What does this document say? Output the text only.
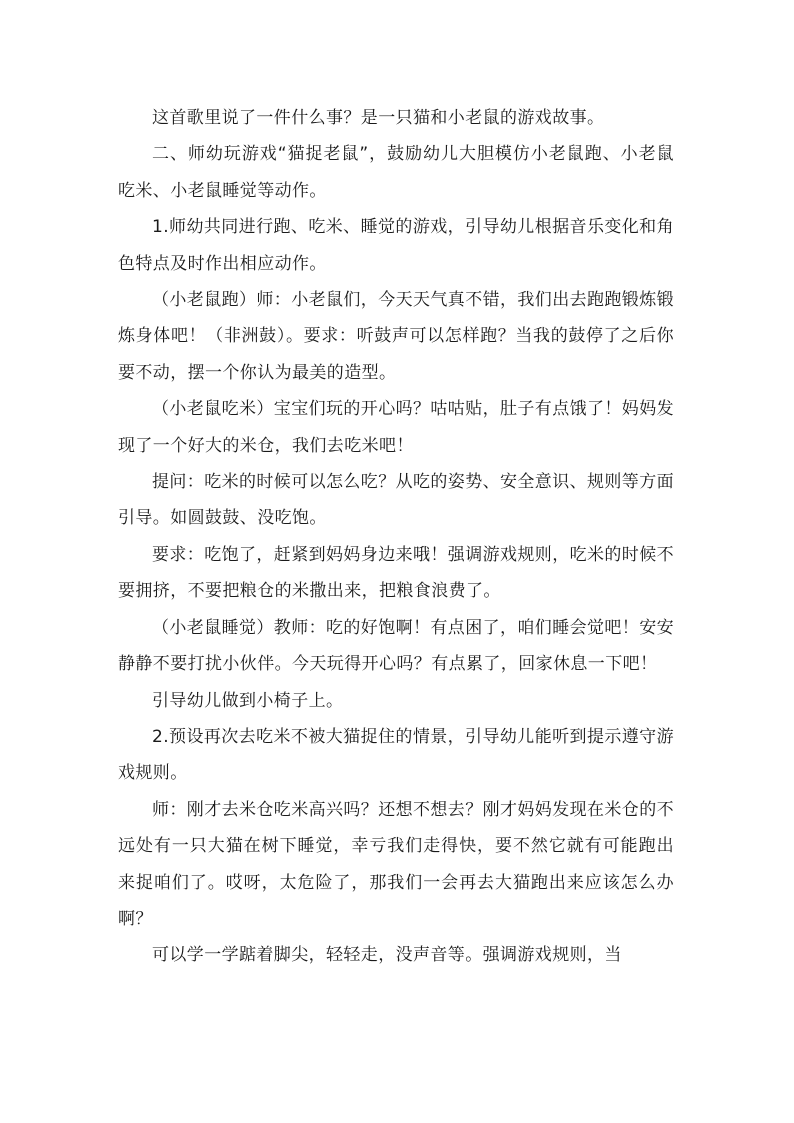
这首歌里说了一件什么事？是一只猫和小老鼠的游戏故事。

二、师幼玩游戏“猫捉老鼠”，鼓励幼儿大胆模仿小老鼠跑、小老鼠吃米、小老鼠睡觉等动作。

1.师幼共同进行跑、吃米、睡觉的游戏，引导幼儿根据音乐变化和角色特点及时作出相应动作。

（小老鼠跑）师：小老鼠们，今天天气真不错，我们出去跑跑锻炼锻炼身体吧！（非洲鼓）。要求：听鼓声可以怎样跑？当我的鼓停了之后你要不动，摆一个你认为最美的造型。

（小老鼠吃米）宝宝们玩的开心吗？咕咕贴，肚子有点饿了！妈妈发现了一个好大的米仓，我们去吃米吧！

提问：吃米的时候可以怎么吃？从吃的姿势、安全意识、规则等方面引导。如圆鼓鼓、没吃饱。

要求：吃饱了，赶紧到妈妈身边来哦！强调游戏规则，吃米的时候不要拥挤，不要把粮仓的米撒出来，把粮食浪费了。

（小老鼠睡觉）教师：吃的好饱啊！有点困了，咱们睡会觉吧！安安静静不要打扰小伙伴。今天玩得开心吗？有点累了，回家休息一下吧！

引导幼儿做到小椅子上。

2.预设再次去吃米不被大猫捉住的情景，引导幼儿能听到提示遵守游戏规则。

师：刚才去米仓吃米高兴吗？还想不想去？刚才妈妈发现在米仓的不远处有一只大猫在树下睡觉，幸亏我们走得快，要不然它就有可能跑出来捉咱们了。哎呀，太危险了，那我们一会再去大猫跑出来应该怎么办啊？

可以学一学踮着脚尖，轻轻走，没声音等。强调游戏规则，当
